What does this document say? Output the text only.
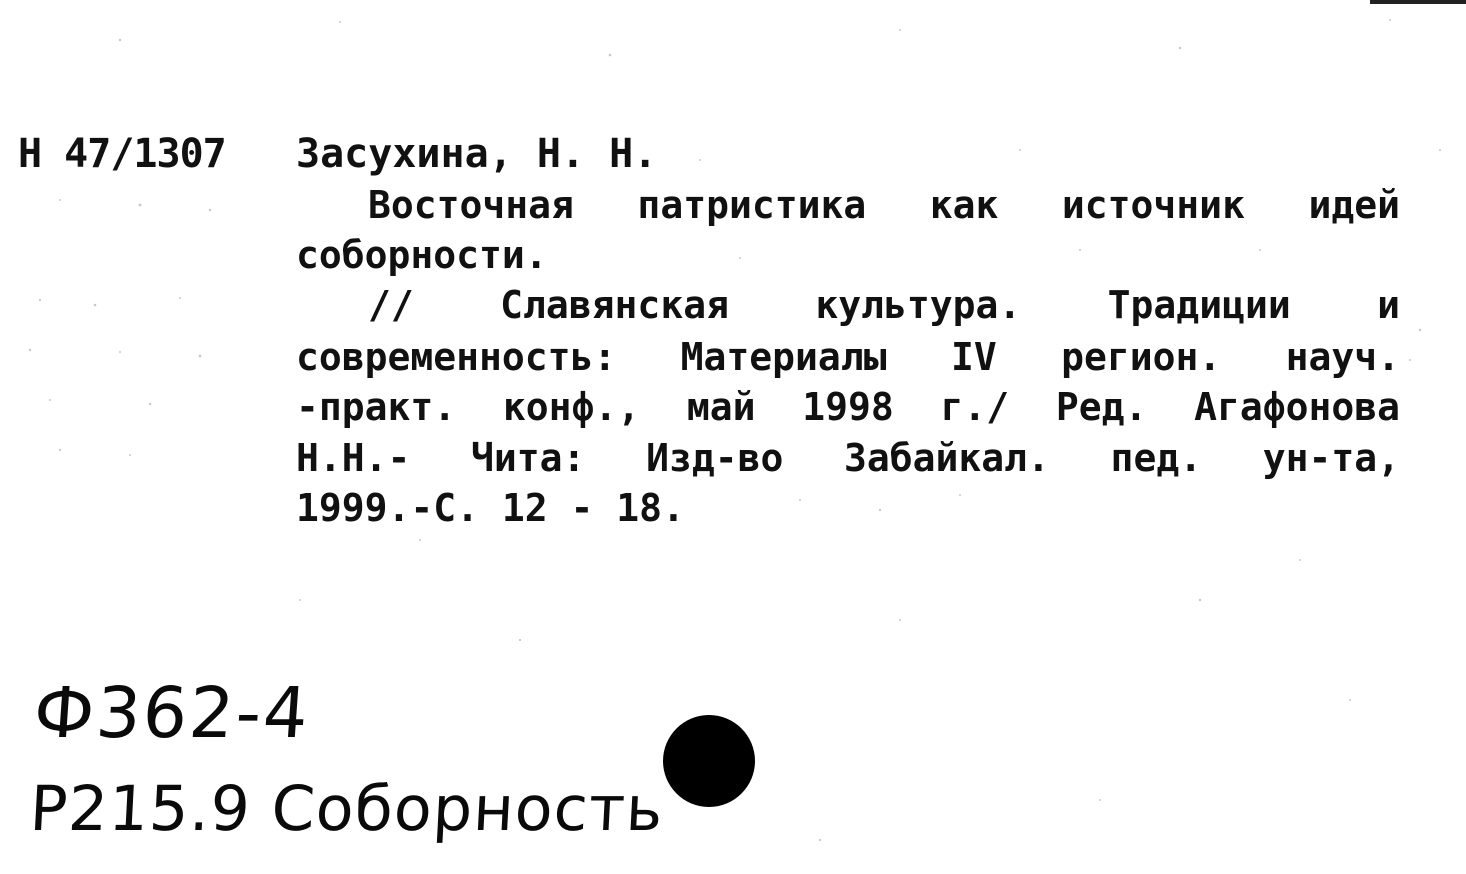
Н 47/1307 Засухина, Н. Н.

Восточная патристика как источник идей

соборности.

// Славянская культура. Традиции и

современность: Материалы IV регион. науч.

-практ. конф., май 1998 г./ Ред. Агафонова

Н.Н.- Чита: Изд-во Забайкал. пед. ун-та,

1999.-С. 12 - 18.

Ф362-4

Р215.9 Соборность
